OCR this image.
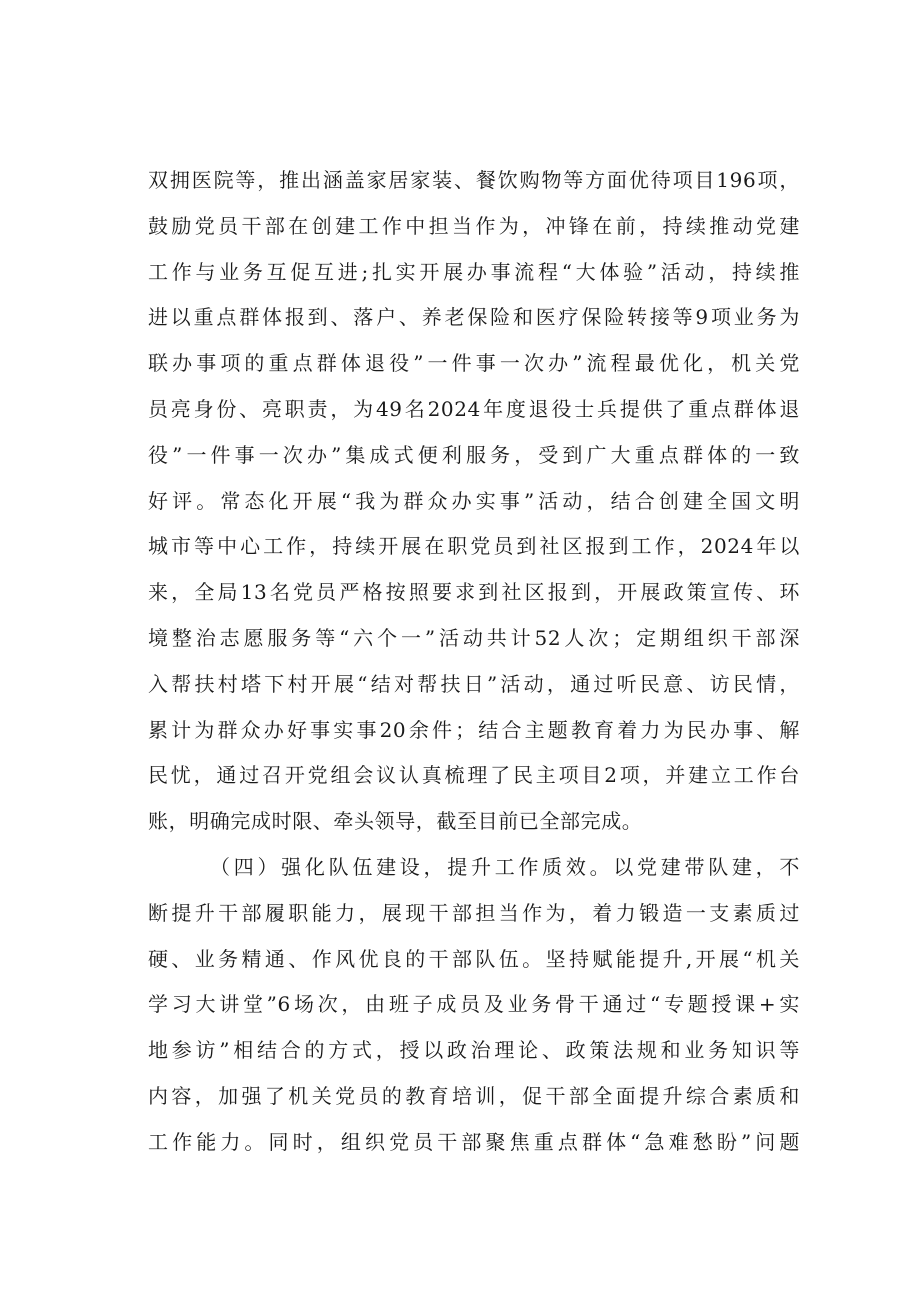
双拥医院等，推出涵盖家居家装、餐饮购物等方面优待项目196项，
鼓励党员干部在创建工作中担当作为，冲锋在前，持续推动党建
工作与业务互促互进;扎实开展办事流程“大体验”活动，持续推
进以重点群体报到、落户、养老保险和医疗保险转接等9项业务为
联办事项的重点群体退役”一件事一次办”流程最优化，机关党
员亮身份、亮职责，为49名2024年度退役士兵提供了重点群体退
役”一件事一次办”集成式便利服务，受到广大重点群体的一致
好评。常态化开展“我为群众办实事”活动，结合创建全国文明
城市等中心工作，持续开展在职党员到社区报到工作，2024年以
来，全局13名党员严格按照要求到社区报到，开展政策宣传、环
境整治志愿服务等“六个一”活动共计52人次；定期组织干部深
入帮扶村塔下村开展“结对帮扶日”活动，通过听民意、访民情，
累计为群众办好事实事20余件；结合主题教育着力为民办事、解
民忧，通过召开党组会议认真梳理了民主项目2项，并建立工作台
账，明确完成时限、牵头领导，截至目前已全部完成。
（四）强化队伍建设，提升工作质效。以党建带队建，不
断提升干部履职能力，展现干部担当作为，着力锻造一支素质过
硬、业务精通、作风优良的干部队伍。坚持赋能提升,开展“机关
学习大讲堂”6场次，由班子成员及业务骨干通过“专题授课+实
地参访”相结合的方式，授以政治理论、政策法规和业务知识等
内容，加强了机关党员的教育培训，促干部全面提升综合素质和
工作能力。同时，组织党员干部聚焦重点群体“急难愁盼”问题
